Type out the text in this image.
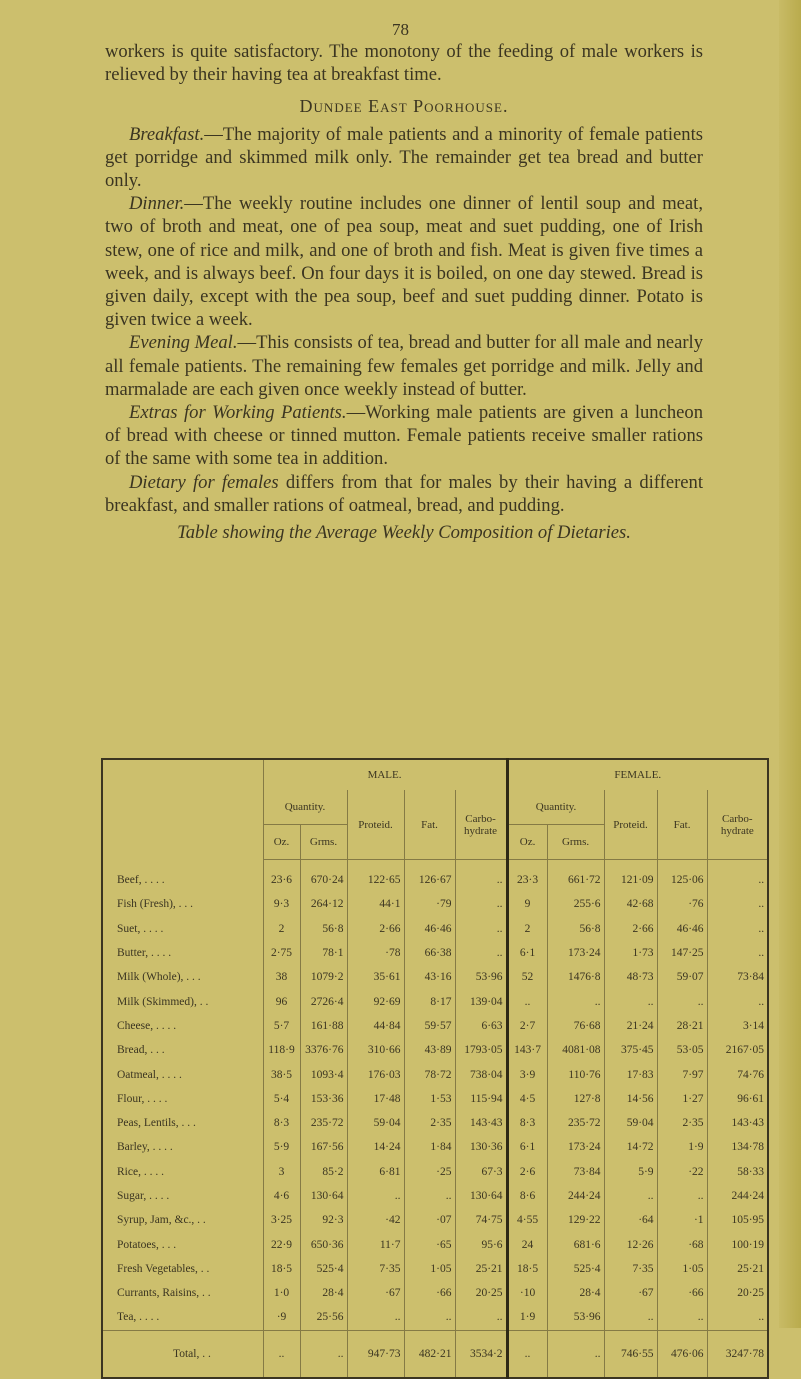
78

workers is quite satisfactory. The monotony of the feeding of male workers is relieved by their having tea at breakfast time.

Dundee East Poorhouse.

Breakfast.—The majority of male patients and a minority of female patients get porridge and skimmed milk only. The remainder get tea bread and butter only.

Dinner.—The weekly routine includes one dinner of lentil soup and meat, two of broth and meat, one of pea soup, meat and suet pudding, one of Irish stew, one of rice and milk, and one of broth and fish. Meat is given five times a week, and is always beef. On four days it is boiled, on one day stewed. Bread is given daily, except with the pea soup, beef and suet pudding dinner. Potato is given twice a week.

Evening Meal.—This consists of tea, bread and butter for all male and nearly all female patients. The remaining few females get porridge and milk. Jelly and marmalade are each given once weekly instead of butter.

Extras for Working Patients.—Working male patients are given a luncheon of bread with cheese or tinned mutton. Female patients receive smaller rations of the same with some tea in addition.

Dietary for females differs from that for males by their having a different breakfast, and smaller rations of oatmeal, bread, and pudding.

Table showing the Average Weekly Composition of Dietaries.

	MALE.					FEMALE.				
	Quantity.		Proteid.	Fat.	Carbo-hydrate	Quantity.		Proteid.	Fat.	Carbo-hydrate
	Oz.	Grms.				Oz.	Grms.			
Beef, . . . .	23·6	670·24	122·65	126·67	..	23·3	661·72	121·09	125·06	..
Fish (Fresh), . . .	9·3	264·12	44·1	·79	..	9	255·6	42·68	·76	..
Suet, . . . .	2	56·8	2·66	46·46	..	2	56·8	2·66	46·46	..
Butter, . . . .	2·75	78·1	·78	66·38	..	6·1	173·24	1·73	147·25	..
Milk (Whole), . . .	38	1079·2	35·61	43·16	53·96	52	1476·8	48·73	59·07	73·84
Milk (Skimmed), . .	96	2726·4	92·69	8·17	139·04	..	..	..	..	..
Cheese, . . . .	5·7	161·88	44·84	59·57	6·63	2·7	76·68	21·24	28·21	3·14
Bread, . . .	118·9	3376·76	310·66	43·89	1793·05	143·7	4081·08	375·45	53·05	2167·05
Oatmeal, . . . .	38·5	1093·4	176·03	78·72	738·04	3·9	110·76	17·83	7·97	74·76
Flour, . . . .	5·4	153·36	17·48	1·53	115·94	4·5	127·8	14·56	1·27	96·61
Peas, Lentils, . . .	8·3	235·72	59·04	2·35	143·43	8·3	235·72	59·04	2·35	143·43
Barley, . . . .	5·9	167·56	14·24	1·84	130·36	6·1	173·24	14·72	1·9	134·78
Rice, . . . .	3	85·2	6·81	·25	67·3	2·6	73·84	5·9	·22	58·33
Sugar, . . . .	4·6	130·64	..	..	130·64	8·6	244·24	..	..	244·24
Syrup, Jam, &c., . .	3·25	92·3	·42	·07	74·75	4·55	129·22	·64	·1	105·95
Potatoes, . . .	22·9	650·36	11·7	·65	95·6	24	681·6	12·26	·68	100·19
Fresh Vegetables, . .	18·5	525·4	7·35	1·05	25·21	18·5	525·4	7·35	1·05	25·21
Currants, Raisins, . .	1·0	28·4	·67	·66	20·25	·10	28·4	·67	·66	20·25
Tea, . . . .	·9	25·56	..	..	..	1·9	53·96	..	..	..
Total, . .	..	..	947·73	482·21	3534·2	..	..	746·55	476·06	3247·78
